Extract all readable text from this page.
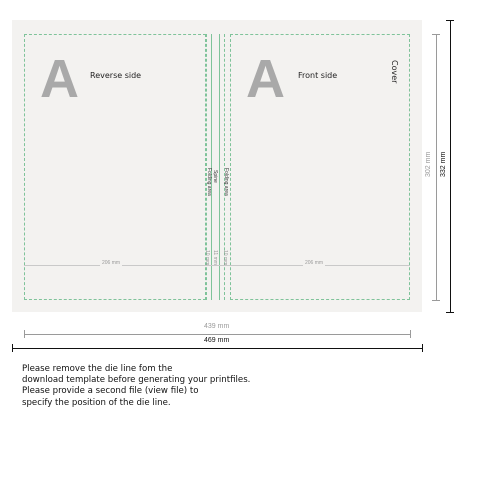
A Reverse side A Front side	Cover
Folding area Spine Folding area
10 mm 11 mm 10 mm
206 mm	206 mm
439 mm
469 mm
302 mm 332 mm
Please remove the die line fom the
download template before generating your printfiles.
Please provide a second file (view file) to
specify the position of the die line.
